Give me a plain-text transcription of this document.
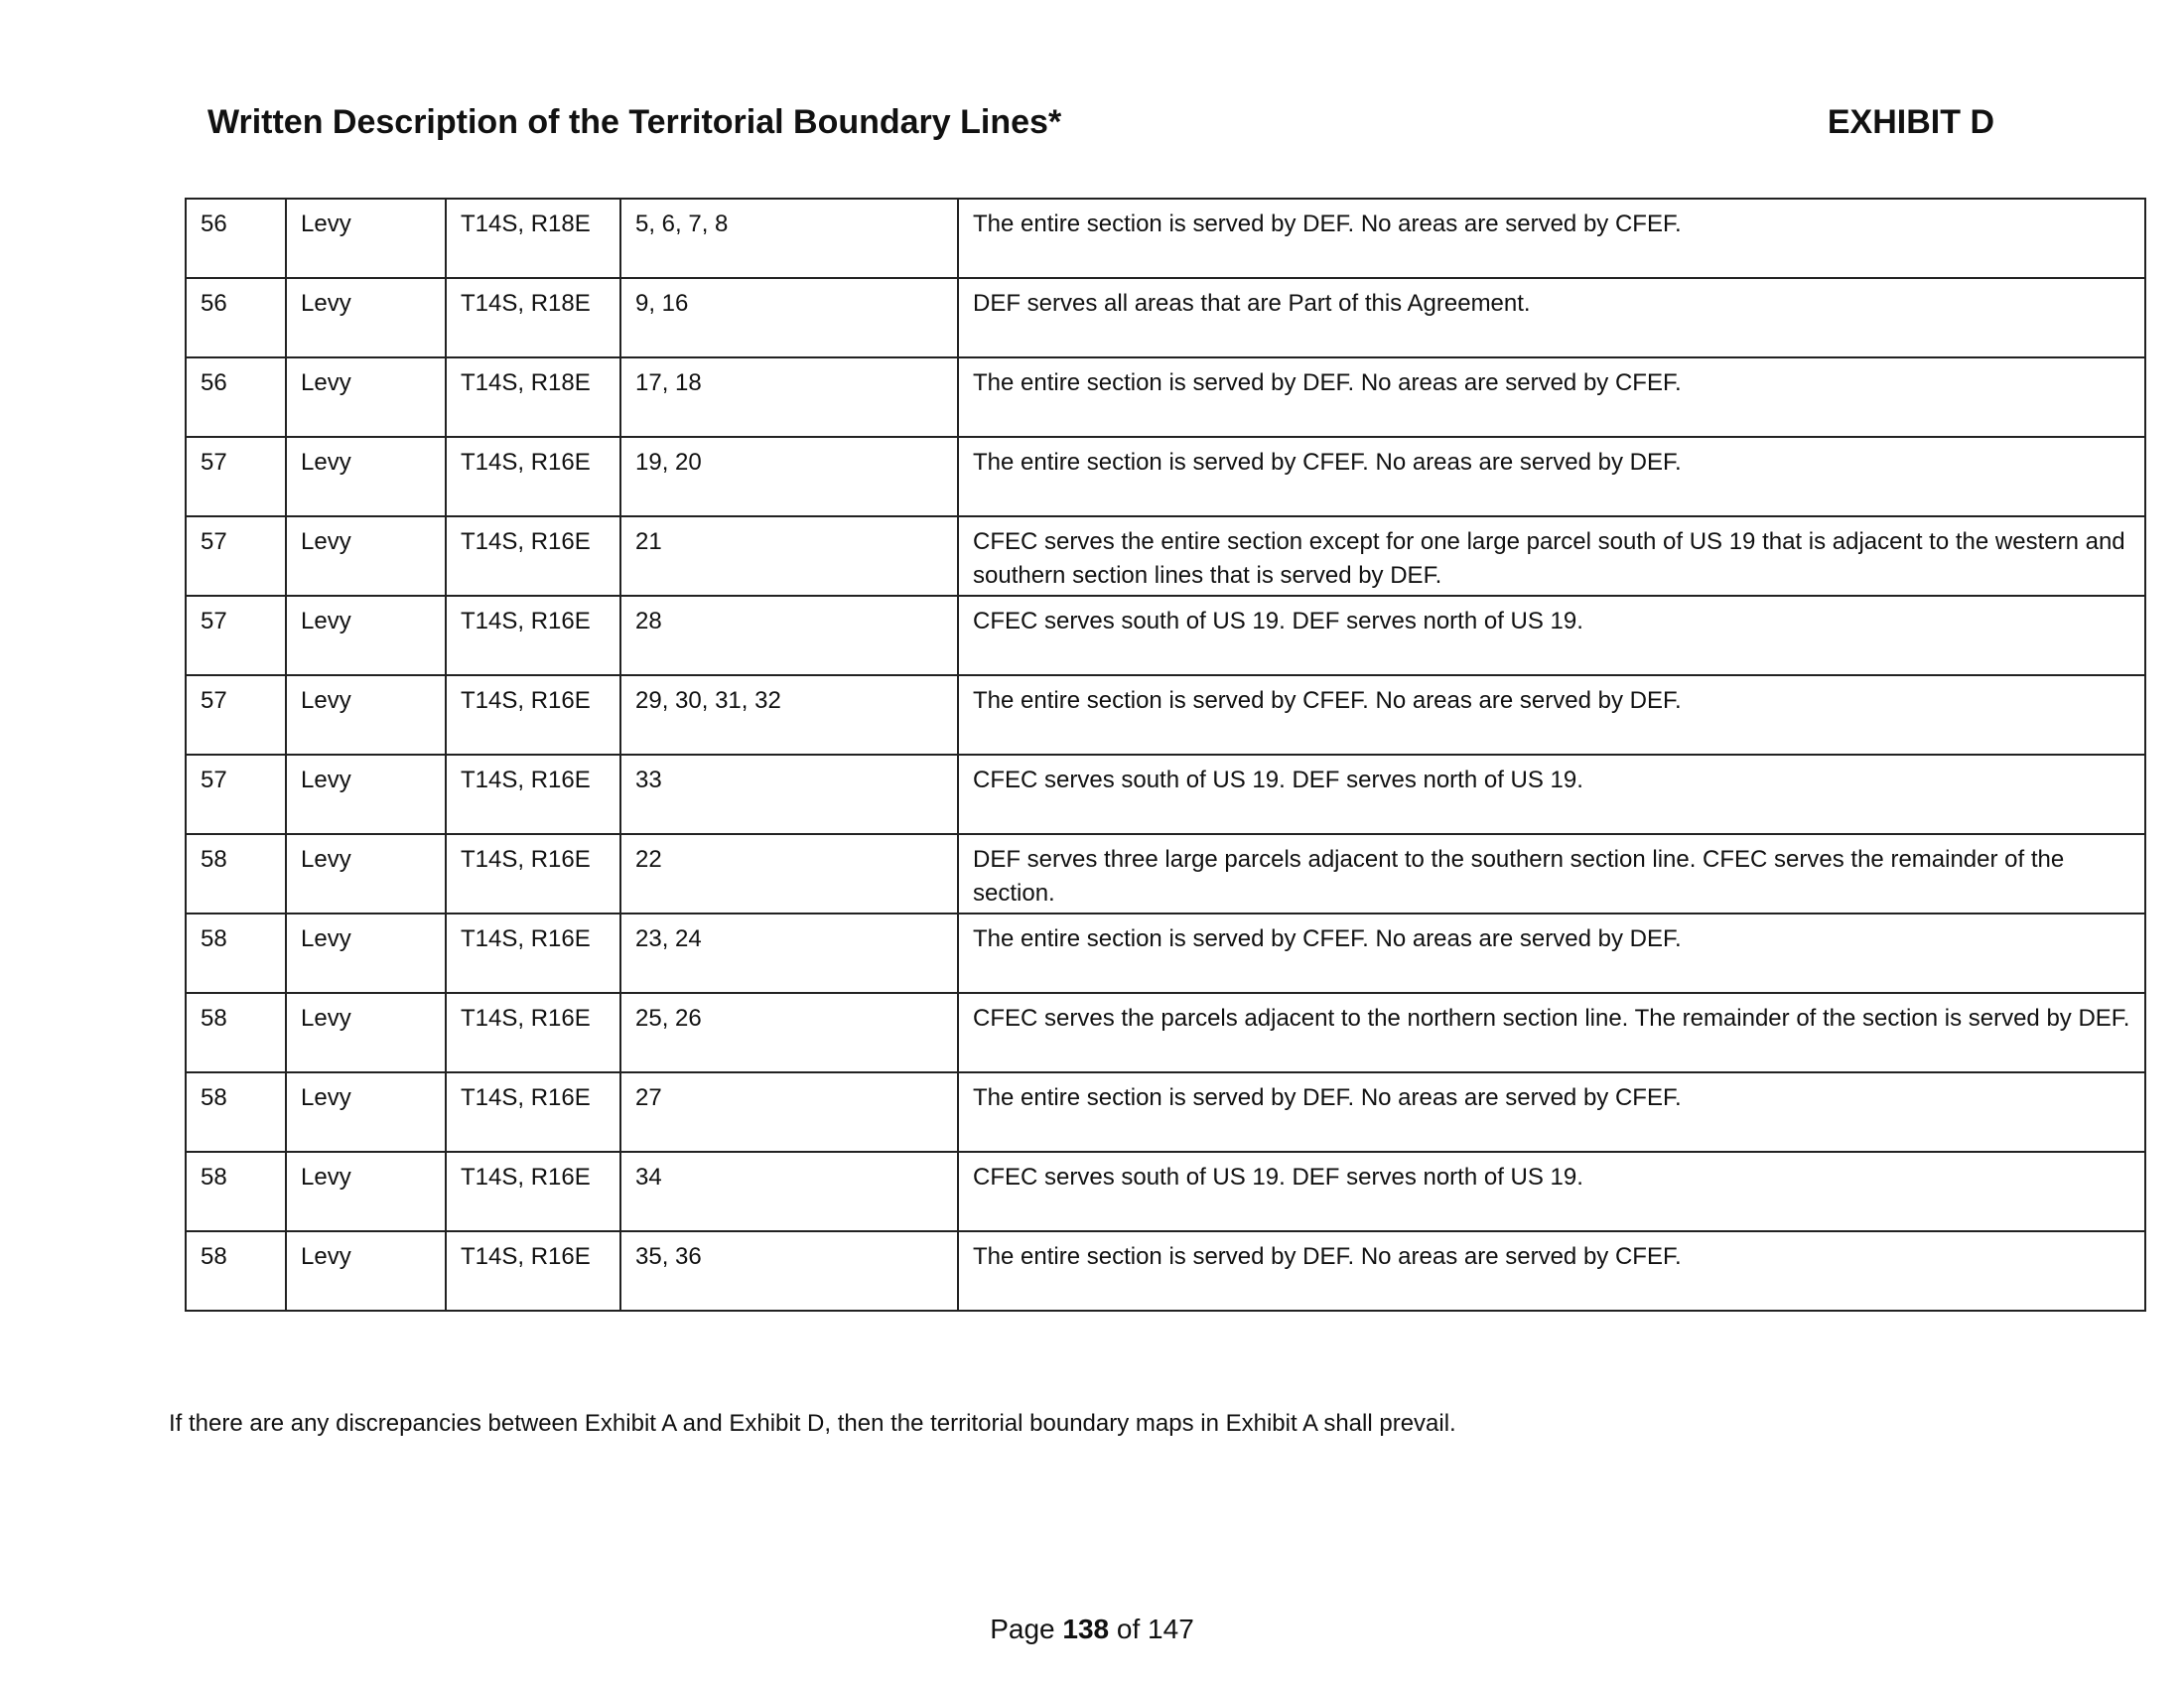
Written Description of the Territorial Boundary Lines*	EXHIBIT D
56	Levy	T14S, R18E	5, 6, 7, 8	The entire section is served by DEF. No areas are served by CFEF.
56	Levy	T14S, R18E	9, 16	DEF serves all areas that are Part of this Agreement.
56	Levy	T14S, R18E	17, 18	The entire section is served by DEF. No areas are served by CFEF.
57	Levy	T14S, R16E	19, 20	The entire section is served by CFEF. No areas are served by DEF.
57	Levy	T14S, R16E	21	CFEC serves the entire section except for one large parcel south of US 19 that is adjacent to the western and southern section lines that is served by DEF.
57	Levy	T14S, R16E	28	CFEC serves south of US 19. DEF serves north of US 19.
57	Levy	T14S, R16E	29, 30, 31, 32	The entire section is served by CFEF. No areas are served by DEF.
57	Levy	T14S, R16E	33	CFEC serves south of US 19. DEF serves north of US 19.
58	Levy	T14S, R16E	22	DEF serves three large parcels adjacent to the southern section line. CFEC serves the remainder of the section.
58	Levy	T14S, R16E	23, 24	The entire section is served by CFEF. No areas are served by DEF.
58	Levy	T14S, R16E	25, 26	CFEC serves the parcels adjacent to the northern section line. The remainder of the section is served by DEF.
58	Levy	T14S, R16E	27	The entire section is served by DEF. No areas are served by CFEF.
58	Levy	T14S, R16E	34	CFEC serves south of US 19. DEF serves north of US 19.
58	Levy	T14S, R16E	35, 36	The entire section is served by DEF. No areas are served by CFEF.
If there are any discrepancies between Exhibit A and Exhibit D, then the territorial boundary maps in Exhibit A shall prevail.
Page 138 of 147
